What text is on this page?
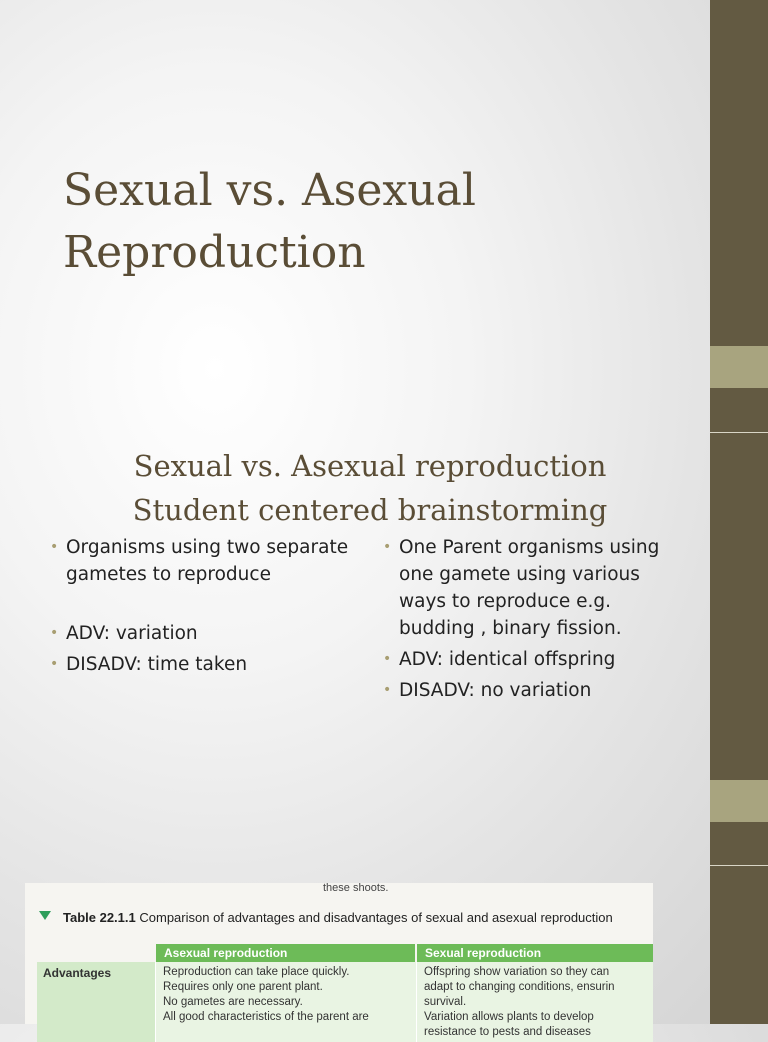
Sexual vs. Asexual
Reproduction
Sexual vs. Asexual reproduction
Student centered brainstorming
• Organisms using two separate gametes to reproduce
• ADV: variation
• DISADV: time taken
• One Parent organisms using one gamete using various ways to reproduce e.g. budding , binary fission.
• ADV: identical offspring
• DISADV: no variation
these shoots.
Table 22.1.1 Comparison of advantages and disadvantages of sexual and asexual reproduction
Asexual reproduction	Sexual reproduction
Advantages	Reproduction can take place quickly.
Requires only one parent plant.
No gametes are necessary.
All good characteristics of the parent are
Offspring show variation so they can
adapt to changing conditions, ensurin
survival.
Variation allows plants to develop
resistance to pests and diseases
